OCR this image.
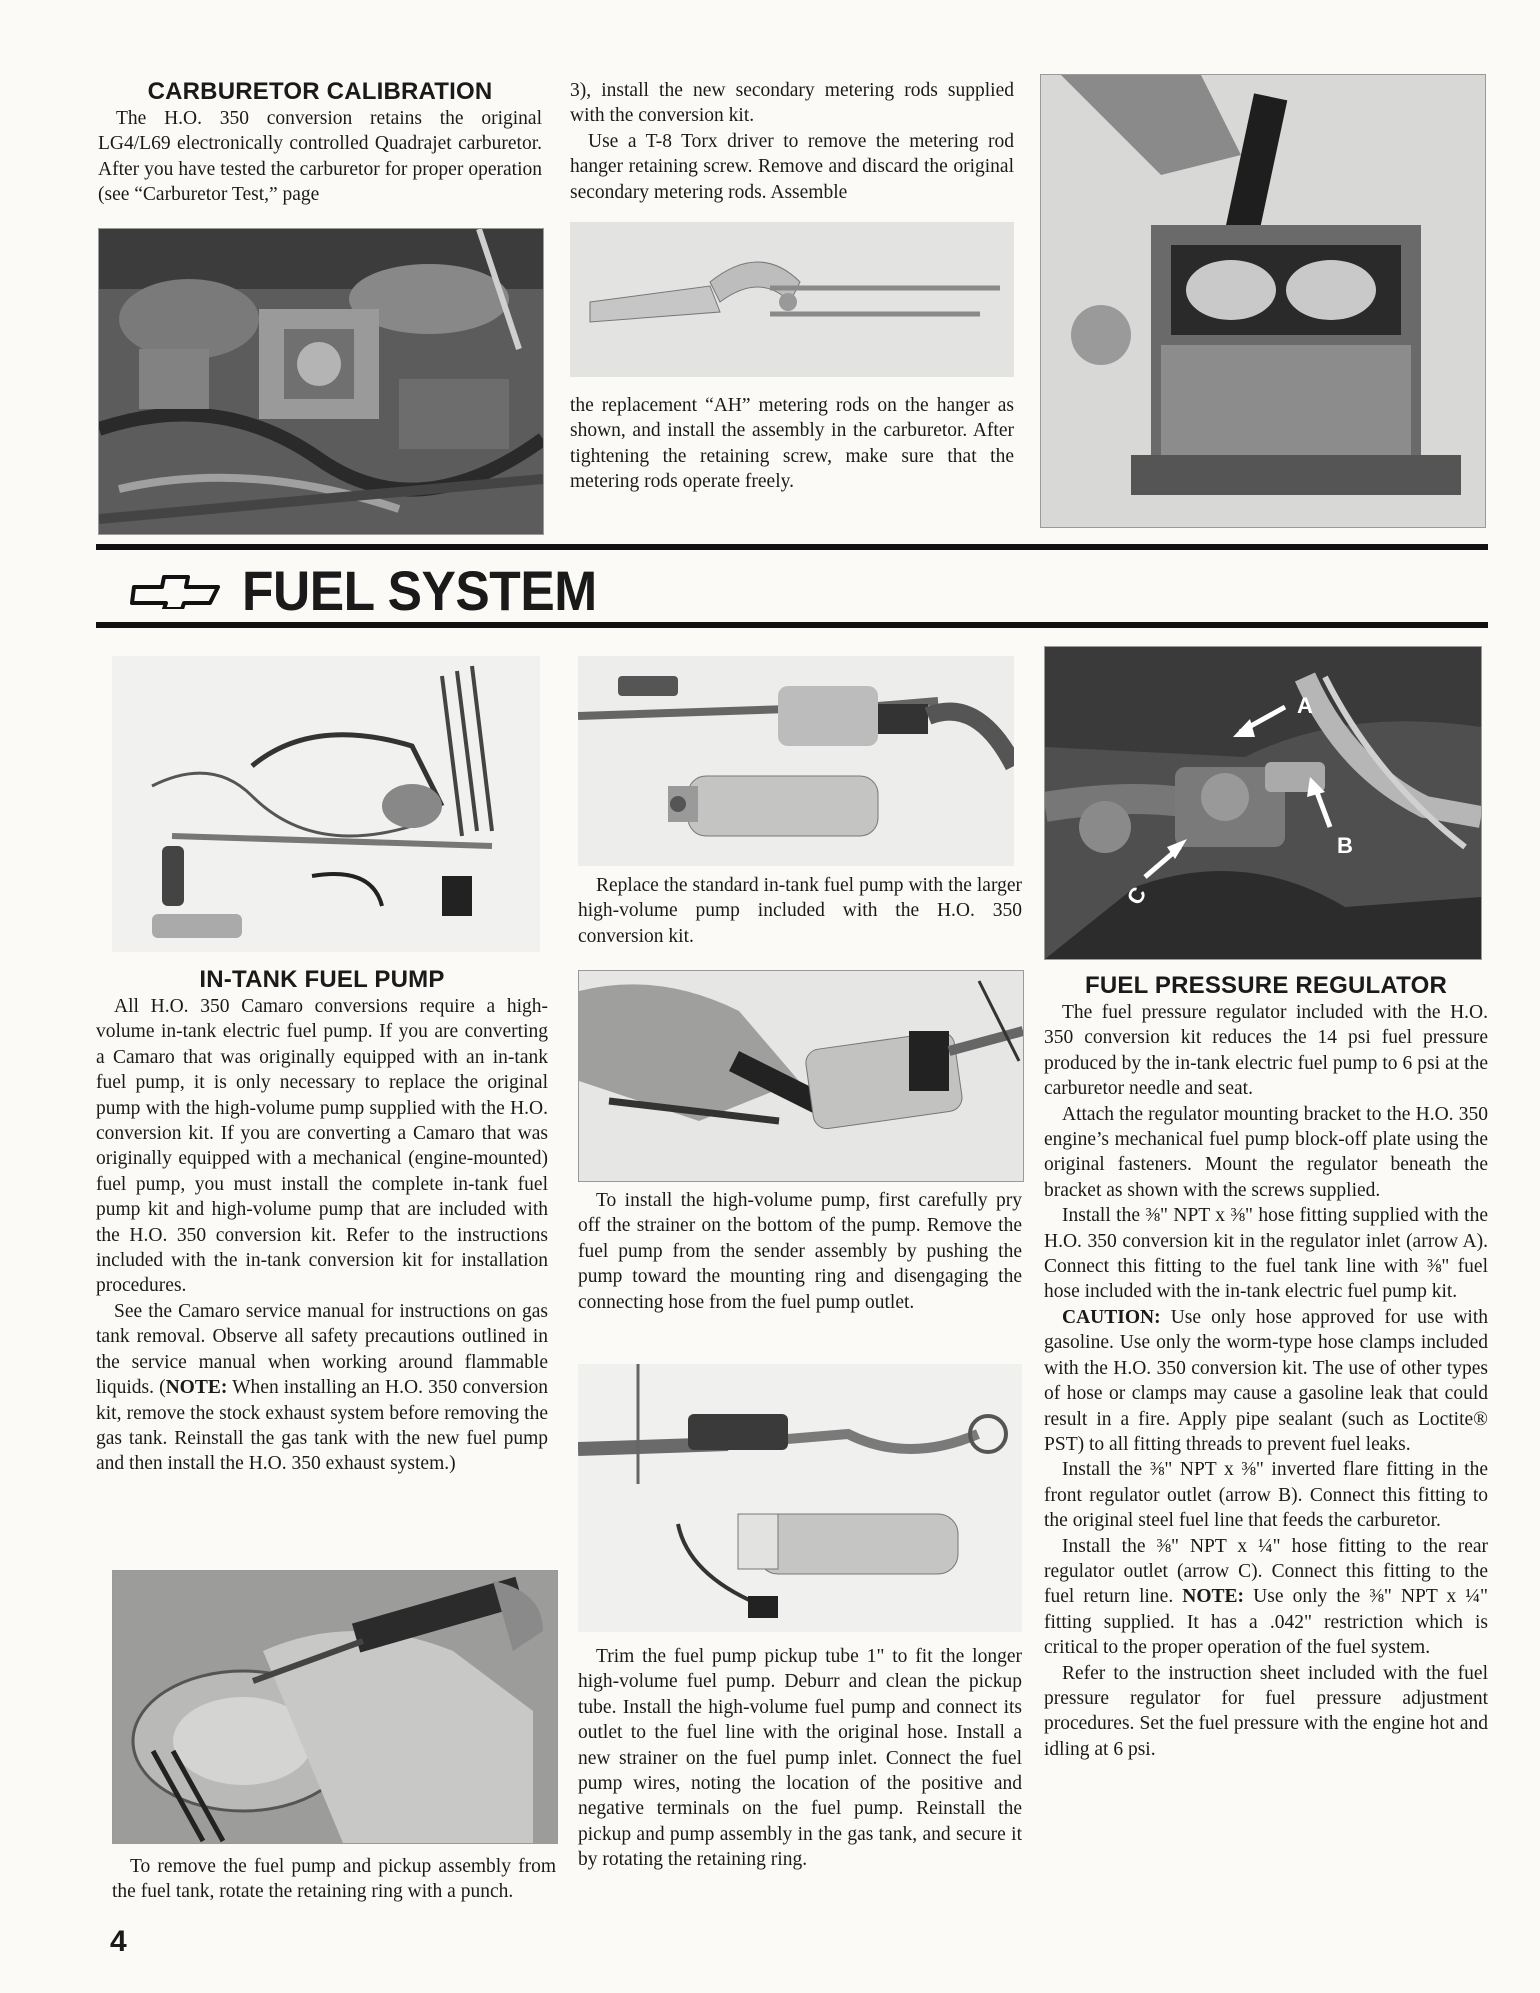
CARBURETOR CALIBRATION

The H.O. 350 conversion retains the original LG4/L69 electronically controlled Quadrajet carburetor. After you have tested the carburetor for proper operation (see “Carburetor Test,” page

3), install the new secondary metering rods supplied with the conversion kit.

Use a T-8 Torx driver to remove the metering rod hanger retaining screw. Remove and discard the original secondary metering rods. Assemble

the replacement “AH” metering rods on the hanger as shown, and install the assembly in the carburetor. After tightening the retaining screw, make sure that the metering rods operate freely.

FUEL SYSTEM
IN-TANK FUEL PUMP

All H.O. 350 Camaro conversions require a high-volume in-tank electric fuel pump. If you are converting a Camaro that was originally equipped with an in-tank fuel pump, it is only necessary to replace the original pump with the high-volume pump supplied with the H.O. conversion kit. If you are converting a Camaro that was originally equipped with a mechanical (engine-mounted) fuel pump, you must install the complete in-tank fuel pump kit and high-volume pump that are included with the H.O. 350 conversion kit. Refer to the instructions included with the in-tank conversion kit for installation procedures.

See the Camaro service manual for instructions on gas tank removal. Observe all safety precautions outlined in the service manual when working around flammable liquids. (NOTE: When installing an H.O. 350 conversion kit, remove the stock exhaust system before removing the gas tank. Reinstall the gas tank with the new fuel pump and then install the H.O. 350 exhaust system.)

To remove the fuel pump and pickup assembly from the fuel tank, rotate the retaining ring with a punch.

4

Replace the standard in-tank fuel pump with the larger high-volume pump included with the H.O. 350 conversion kit.

To install the high-volume pump, first carefully pry off the strainer on the bottom of the pump. Remove the fuel pump from the sender assembly by pushing the pump toward the mounting ring and disengaging the connecting hose from the fuel pump outlet.

Trim the fuel pump pickup tube 1" to fit the longer high-volume fuel pump. Deburr and clean the pickup tube. Install the high-volume fuel pump and connect its outlet to the fuel line with the original hose. Install a new strainer on the fuel pump inlet. Connect the fuel pump wires, noting the location of the positive and negative terminals on the fuel pump. Reinstall the pickup and pump assembly in the gas tank, and secure it by rotating the retaining ring.

A
B
C
FUEL PRESSURE REGULATOR

The fuel pressure regulator included with the H.O. 350 conversion kit reduces the 14 psi fuel pressure produced by the in-tank electric fuel pump to 6 psi at the carburetor needle and seat.

Attach the regulator mounting bracket to the H.O. 350 engine’s mechanical fuel pump block-off plate using the original fasteners. Mount the regulator beneath the bracket as shown with the screws supplied.

Install the ⅜" NPT x ⅜" hose fitting supplied with the H.O. 350 conversion kit in the regulator inlet (arrow A). Connect this fitting to the fuel tank line with ⅜" fuel hose included with the in-tank electric fuel pump kit.

CAUTION: Use only hose approved for use with gasoline. Use only the worm-type hose clamps included with the H.O. 350 conversion kit. The use of other types of hose or clamps may cause a gasoline leak that could result in a fire. Apply pipe sealant (such as Loctite® PST) to all fitting threads to prevent fuel leaks.

Install the ⅜" NPT x ⅜" inverted flare fitting in the front regulator outlet (arrow B). Connect this fitting to the original steel fuel line that feeds the carburetor.

Install the ⅜" NPT x ¼" hose fitting to the rear regulator outlet (arrow C). Connect this fitting to the fuel return line. NOTE: Use only the ⅜" NPT x ¼" fitting supplied. It has a .042" restriction which is critical to the proper operation of the fuel system.

Refer to the instruction sheet included with the fuel pressure regulator for fuel pressure adjustment procedures. Set the fuel pressure with the engine hot and idling at 6 psi.
